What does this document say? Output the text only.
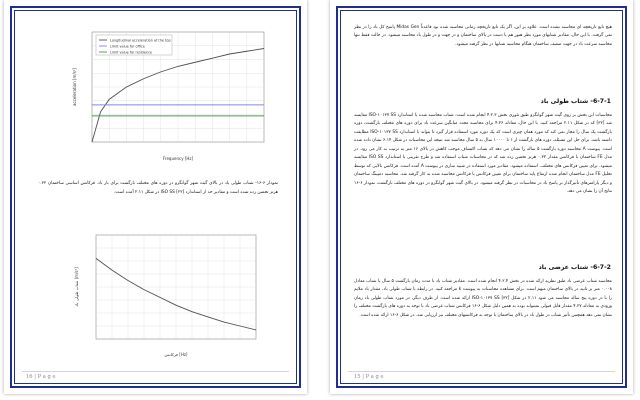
Longitudinal acceleration at the top
Limit value for office
Limit value for residence
acceleration [m/s²]
Frequency [Hz]

نمودار ۶-۱۶- شتاب طولی باد در بالای گیت شهر گوانگزو در دوره های مختلف بازگشت برای بار باد. فرکانس اساسی ساختمان ۰.۳۲ هرتز تخمین زده شده است و مقادیر حد از استاندارد ISO SS [۲۲] در شکل ۲.۱۱ آمده است.

شتاب طولی باد [m/s²]
فرکانس [Hz]
16 | P a g e

هیچ تابع تاریخچه ای محاسبه نشده است. علاوه بر این، اگر یک تابع تاریخچه زمانی محاسبه شده بود قاعدتاً Midas Gen پاسخ کل باد را در نظر نمی گرفت. با این حال، مقادیر شتابهای مورد نظر هنوز هم با دست در بالای ساختمان و در جهت و در طول باد محاسبه میشود. در حالت فقط تنها محاسبه سرعت باد در جهت ضعیف ساختمان هنگام محاسبه شتابها در نظر گرفته میشود.

6-7-1- شتاب طولی باد

محاسبات این بخش بر روی گیت شهر گوانگزو طبق تئوری بخش ۴.۲.۳ انجام شده است. شتاب محاسبه شده با استاندارد ISO-۱۰۱۳۷ SS مقایسه شد [۳۲] که در شکل ۲.۱۱ مراجعه کنید. با این حال، معادله ۴.۲۶ برای محاسبه مجدد میانگین سرعت باد برای دوره های مختلف بازگشت، دوره بازگشت یک سال را مجاز نمی کند که مورد همان چیزی است که یک دوره مورد استفاده قرار گیرد تا بتواند با استاندارد ISO-۱۰۱۳۷ SS مطابقت داشته باشد. برای حل این مسئله، دوره های بازگشت از ۱ تا ۱۰۰۰۰ سال به ۵ سال محاسبه شد نتیجه این محاسبات در شکل ۶.۱۴ نشان داده شده است. پیوست A محاسبه دوره بازگشت ۵ ساله را نشان می دهد که شتاب اکتشاف موجب کاهش در بالای ۱۶ متر به ترتیب به کار می رود. در مدل FE ساختمان با فرکانس مقدار ۰.۳۲ هرتز تخمین زده شد که در محاسبات شتاب استفاده شد و طرح تقریبی با استاندارد ISO SS مقایسه میشود. برای تعیین فرکانس های مختلف، استفاده میشود. مقادیر مورد استفاده در شبیه سازی در پیوست A آمده است. فرکانس بالایی که توسط تحلیل FE مدل ساختمان انجام شده ارتفاع پایه ساختمان برای تعیین فرکانس با فرکانس محاسبه شده به کار گرفته شد. محاسبه دمپینگ ساختمان و دیگر پارامترهای تأثیرگذار بر پاسخ باد در محاسبات در نظر گرفته میشود. در بالای گیت شهر گوانگزو در دوره های مختلف بازگشت، نمودار ۶-۱۶ نتایج آن را نشان می دهد.

6-7-2- شتاب عرضی باد

محاسبه شتاب عرضی باد طبق نظریه ارائه شده در بخش ۴.۲.۴ انجام شده است. مقادیر شتاب باد با مدت زمان بازگشت ۵ سال با شتاب معادل ۰.۰۰۸ متر بر ثانیه در بالای ساختمان مبهم است. برای مشاهده محاسبات به پیوست k مراجعه کنید. در رابطه با شتاب طولی باد، مقدار باد ملایم را با در دوره پنج ساله محاسبه می شود ۲.۱۱ در شکل ISO-۱۰۱۳۷ SS [۳۲] ارائه شده است. از طرف دیگر، در مورد شتاب طولی باد زمان ورودی به معادله ۴.۲۷ مقدار قابل قبولی نمیتواند بوده به همین دلیل شکل ۶-۱۶ فرکانس شتاب عرضی باد با توجه به دوره های بازگشت مختلف را نشان نمی دهد همچنین تأثیر شتاب در طول باد در بالای ساختمان با توجه به فرکانسهای مختلف نیز ارزیابی شد. در شکل ۶-۱۶ ارائه شده است.

15 | P a g e
